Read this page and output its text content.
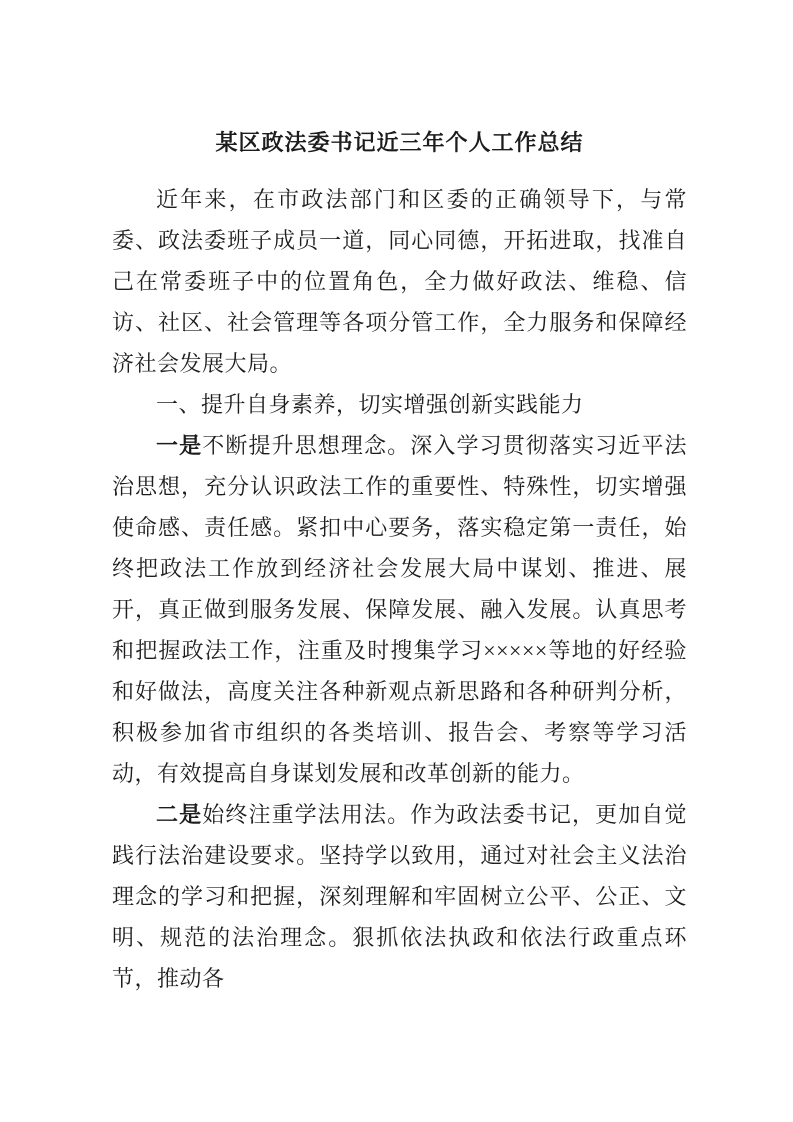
某区政法委书记近三年个人工作总结

近年来，在市政法部门和区委的正确领导下，与常委、政法委班子成员一道，同心同德，开拓进取，找准自己在常委班子中的位置角色，全力做好政法、维稳、信访、社区、社会管理等各项分管工作，全力服务和保障经济社会发展大局。

一、提升自身素养，切实增强创新实践能力

一是不断提升思想理念。深入学习贯彻落实习近平法治思想，充分认识政法工作的重要性、特殊性，切实增强使命感、责任感。紧扣中心要务，落实稳定第一责任，始终把政法工作放到经济社会发展大局中谋划、推进、展开，真正做到服务发展、保障发展、融入发展。认真思考和把握政法工作，注重及时搜集学习×××××等地的好经验和好做法，高度关注各种新观点新思路和各种研判分析，积极参加省市组织的各类培训、报告会、考察等学习活动，有效提高自身谋划发展和改革创新的能力。

二是始终注重学法用法。作为政法委书记，更加自觉践行法治建设要求。坚持学以致用，通过对社会主义法治理念的学习和把握，深刻理解和牢固树立公平、公正、文明、规范的法治理念。狠抓依法执政和依法行政重点环节，推动各
